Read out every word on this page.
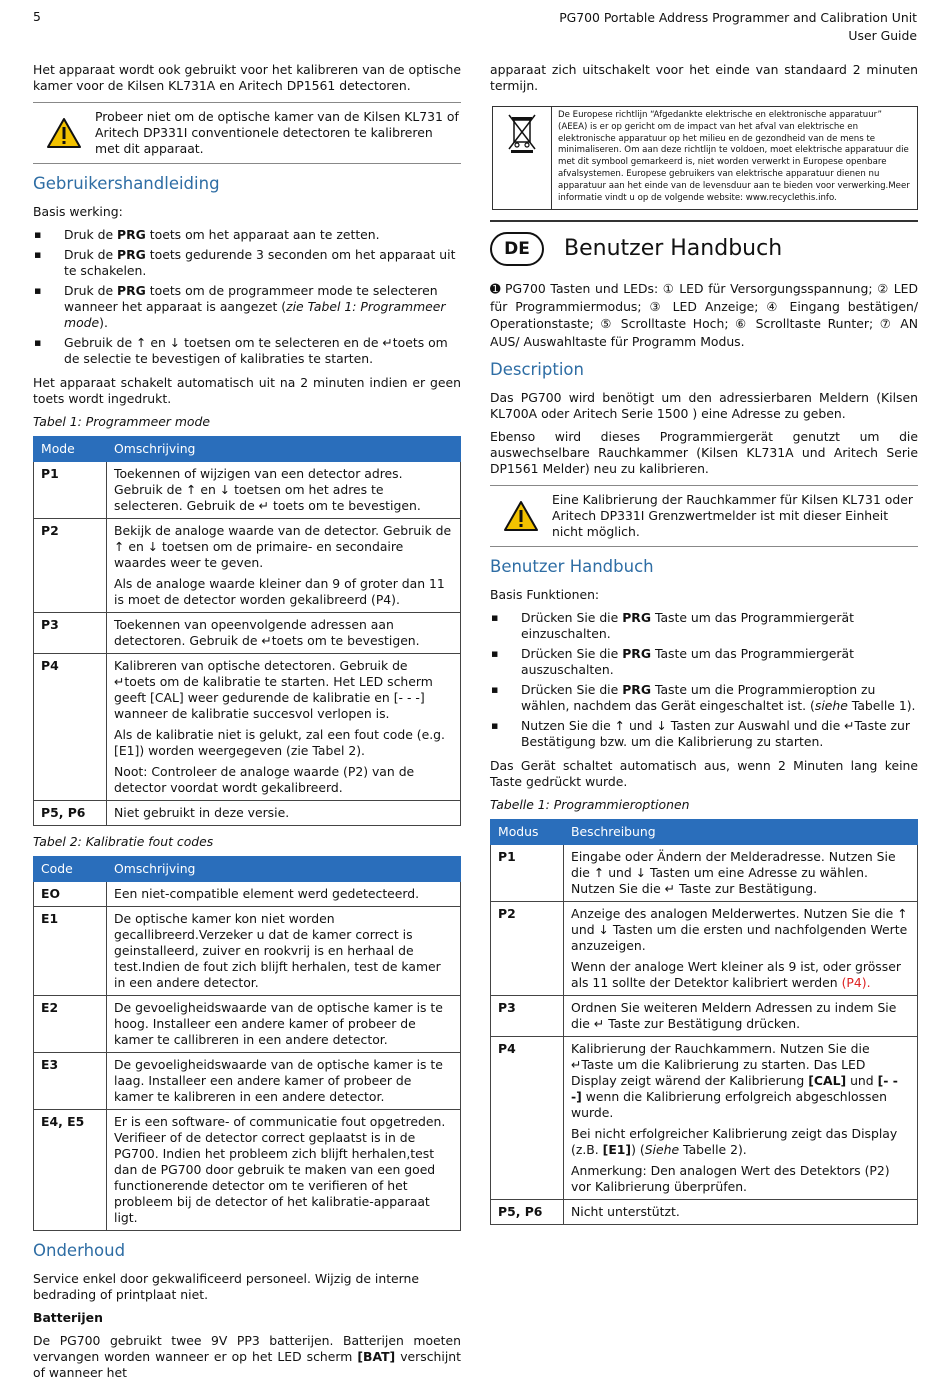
5	PG700 Portable Address Programmer and Calibration Unit
User Guide

Het apparaat wordt ook gebruikt voor het kalibreren van de optische kamer voor de Kilsen KL731A en Aritech DP1561 detectoren.

Probeer niet om de optische kamer van de Kilsen KL731 of Aritech DP331I conventionele detectoren te kalibreren met dit apparaat.
Gebruikershandleiding

Basis werking:

▪ Druk de PRG toets om het apparaat aan te zetten.
▪ Druk de PRG toets gedurende 3 seconden om het apparaat uit te schakelen.
▪ Druk de PRG toets om de programmeer mode te selecteren wanneer het apparaat is aangezet (zie Tabel 1: Programmeer mode).
▪ Gebruik de ↑ en ↓ toetsen om te selecteren en de ↵toets om de selectie te bevestigen of kalibraties te starten.

Het apparaat schakelt automatisch uit na 2 minuten indien er geen toets wordt ingedrukt.

Tabel 1: Programmeer mode
Mode	Omschrijving
P1	Toekennen of wijzigen van een detector adres. Gebruik de ↑ en ↓ toetsen om het adres te selecteren. Gebruik de ↵ toets om te bevestigen.

P2	Bekijk de analoge waarde van de detector. Gebruik de ↑ en ↓ toetsen om de primaire- en secondaire waardes weer te geven.

Als de analoge waarde kleiner dan 9 of groter dan 11 is moet de detector worden gekalibreerd (P4).

P3	Toekennen van opeenvolgende adressen aan detectoren. Gebruik de ↵toets om te bevestigen.

P4	Kalibreren van optische detectoren. Gebruik de ↵toets om de kalibratie te starten. Het LED scherm geeft [CAL] weer gedurende de kalibratie en [- - -] wanneer de kalibratie succesvol verlopen is.

Als de kalibratie niet is gelukt, zal een fout code (e.g. [E1]) worden weergegeven (zie Tabel 2).

Noot: Controleer de analoge waarde (P2) van de detector voordat wordt gekalibreerd.

P5, P6	Niet gebruikt in deze versie.

Tabel 2: Kalibratie fout codes
Code	Omschrijving
EO	Een niet-compatible element werd gedetecteerd.

E1	De optische kamer kon niet worden gecallibreerd.Verzeker u dat de kamer correct is geinstalleerd, zuiver en rookvrij is en herhaal de test.Indien de fout zich blijft herhalen, test de kamer in een andere detector.

E2	De gevoeligheidswaarde van de optische kamer is te hoog. Installeer een andere kamer of probeer de kamer te callibreren in een andere detector.

E3	De gevoeligheidswaarde van de optische kamer is te laag. Installeer een andere kamer of probeer de kamer te kalibreren in een andere detector.

E4, E5	Er is een software- of communicatie fout opgetreden. Verifieer of de detector correct geplaatst is in de PG700. Indien het probleem zich blijft herhalen,test dan de PG700 door gebruik te maken van een goed functionerende detector om te verifieren of het probleem bij de detector of het kalibratie-apparaat ligt.

Onderhoud

Service enkel door gekwalificeerd personeel. Wijzig de interne bedrading of printplaat niet.

Batterijen

De PG700 gebruikt twee 9V PP3 batterijen. Batterijen moeten vervangen worden wanneer er op het LED scherm [BAT] verschijnt of wanneer het

apparaat zich uitschakelt voor het einde van standaard 2 minuten termijn.

De Europese richtlijn “Afgedankte elektrische en elektronische apparatuur” (AEEA) is er op gericht om de impact van het afval van elektrische en elektronische apparatuur op het milieu en de gezondheid van de mens te minimaliseren. Om aan deze richtlijn te voldoen, moet elektrische apparatuur die met dit symbool gemarkeerd is, niet worden verwerkt in Europese openbare afvalsystemen. Europese gebruikers van elektrische apparatuur dienen nu apparatuur aan het einde van de levensduur aan te bieden voor verwerking.Meer informatie vindt u op de volgende website: www.recyclethis.info.
DE	Benutzer Handbuch

➊ PG700 Tasten und LEDs: ① LED für Versorgungsspannung; ② LED für Programmiermodus; ③ LED Anzeige; ④ Eingang bestätigen/ Operationstaste; ⑤ Scrolltaste Hoch; ⑥ Scrolltaste Runter; ⑦ AN AUS/ Auswahltaste für Programm Modus.

Description

Das PG700 wird benötigt um den adressierbaren Meldern (Kilsen KL700A oder Aritech Serie 1500 ) eine Adresse zu geben.

Ebenso wird dieses Programmiergerät genutzt um die auswechselbare Rauchkammer (Kilsen KL731A und Aritech Serie DP1561 Melder) neu zu kalibrieren.

Eine Kalibrierung der Rauchkammer für Kilsen KL731 oder Aritech DP331I Grenzwertmelder ist mit dieser Einheit nicht möglich.
Benutzer Handbuch

Basis Funktionen:

▪ Drücken Sie die PRG Taste um das Programmiergerät einzuschalten.
▪ Drücken Sie die PRG Taste um das Programmiergerät auszuschalten.
▪ Drücken Sie die PRG Taste um die Programmieroption zu wählen, nachdem das Gerät eingeschaltet ist. (siehe Tabelle 1).
▪ Nutzen Sie die ↑ und ↓ Tasten zur Auswahl und die ↵Taste zur Bestätigung bzw. um die Kalibrierung zu starten.

Das Gerät schaltet automatisch aus, wenn 2 Minuten lang keine Taste gedrückt wurde.

Tabelle 1: Programmieroptionen
Modus	Beschreibung
P1	Eingabe oder Ändern der Melderadresse. Nutzen Sie die ↑ und ↓ Tasten um eine Adresse zu wählen. Nutzen Sie die ↵ Taste zur Bestätigung.

P2	Anzeige des analogen Melderwertes. Nutzen Sie die ↑ und ↓ Tasten um die ersten und nachfolgenden Werte anzuzeigen.

Wenn der analoge Wert kleiner als 9 ist, oder grösser als 11 sollte der Detektor kalibriert werden (P4).

P3	Ordnen Sie weiteren Meldern Adressen zu indem Sie die ↵ Taste zur Bestätigung drücken.

P4	Kalibrierung der Rauchkammern. Nutzen Sie die ↵Taste um die Kalibrierung zu starten. Das LED Display zeigt wärend der Kalibrierung [CAL] und [- - -] wenn die Kalibrierung erfolgreich abgeschlossen wurde.

Bei nicht erfolgreicher Kalibrierung zeigt das Display (z.B. [E1]) (Siehe Tabelle 2).

Anmerkung: Den analogen Wert des Detektors (P2) vor Kalibrierung überprüfen.

P5, P6	Nicht unterstützt.
